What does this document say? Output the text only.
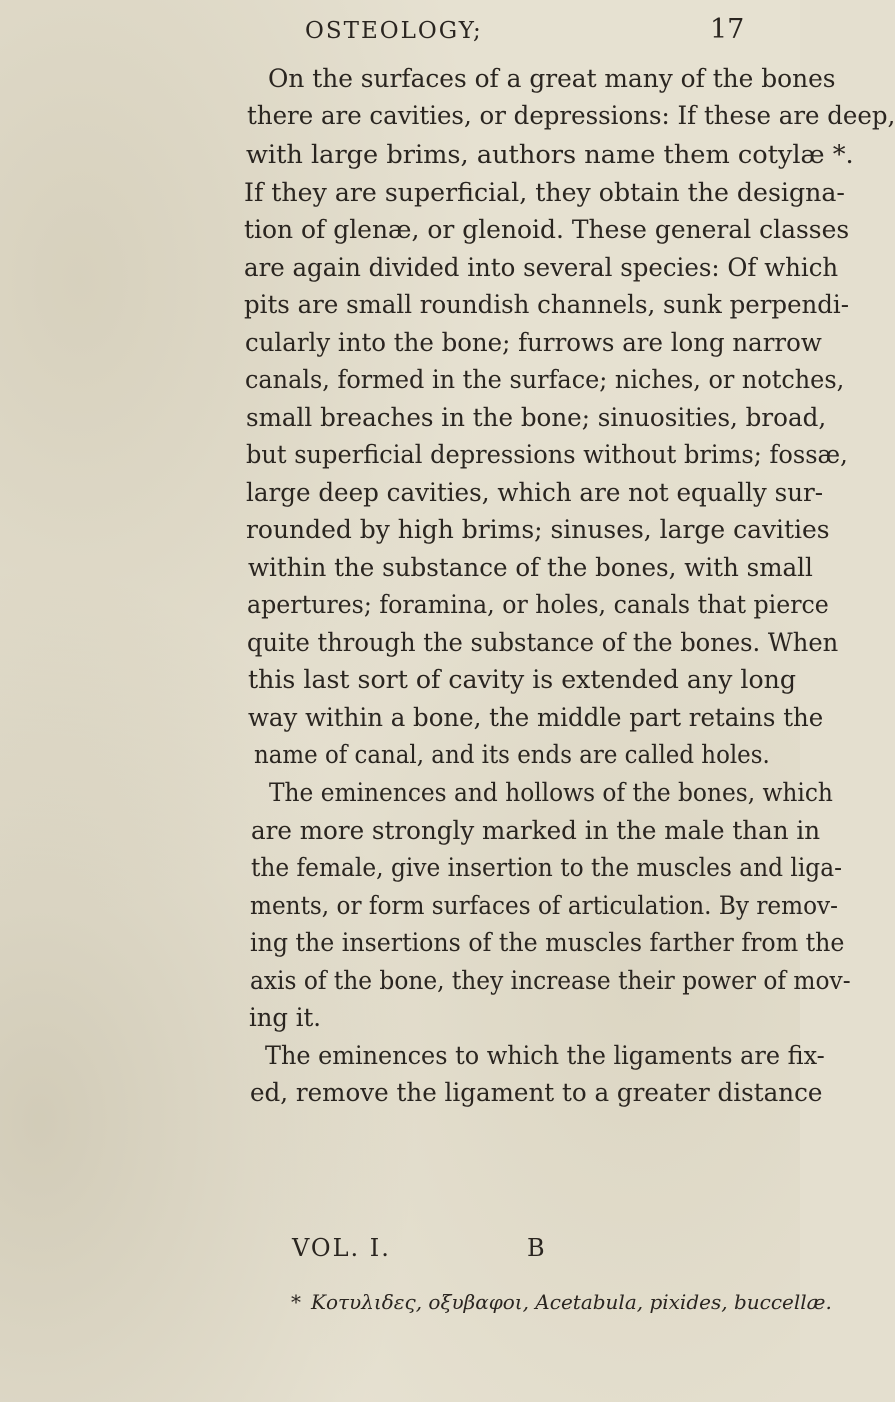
OSTEOLOGY;	17
On the surfaces of a great many of the bones
there are cavities, or depressions: If these are deep,
with large brims, authors name them cotylæ *.
If they are superficial, they obtain the designa-
tion of glenæ, or glenoid. These general classes
are again divided into several species: Of which
pits are small roundish channels, sunk perpendi-
cularly into the bone; furrows are long narrow
canals, formed in the surface; niches, or notches,
small breaches in the bone; sinuosities, broad,
but superficial depressions without brims; fossæ,
large deep cavities, which are not equally sur-
rounded by high brims; sinuses, large cavities
within the substance of the bones, with small
apertures; foramina, or holes, canals that pierce
quite through the substance of the bones. When
this last sort of cavity is extended any long
way within a bone, the middle part retains the
name of canal, and its ends are called holes.
The eminences and hollows of the bones, which
are more strongly marked in the male than in
the female, give insertion to the muscles and liga-
ments, or form surfaces of articulation. By remov-
ing the insertions of the muscles farther from the
axis of the bone, they increase their power of mov-
ing it.
The eminences to which the ligaments are fix-
ed, remove the ligament to a greater distance
VOL. I.	B
* Κοτυλιδες, οξυβαφοι, Acetabula, pixides, buccellæ.
